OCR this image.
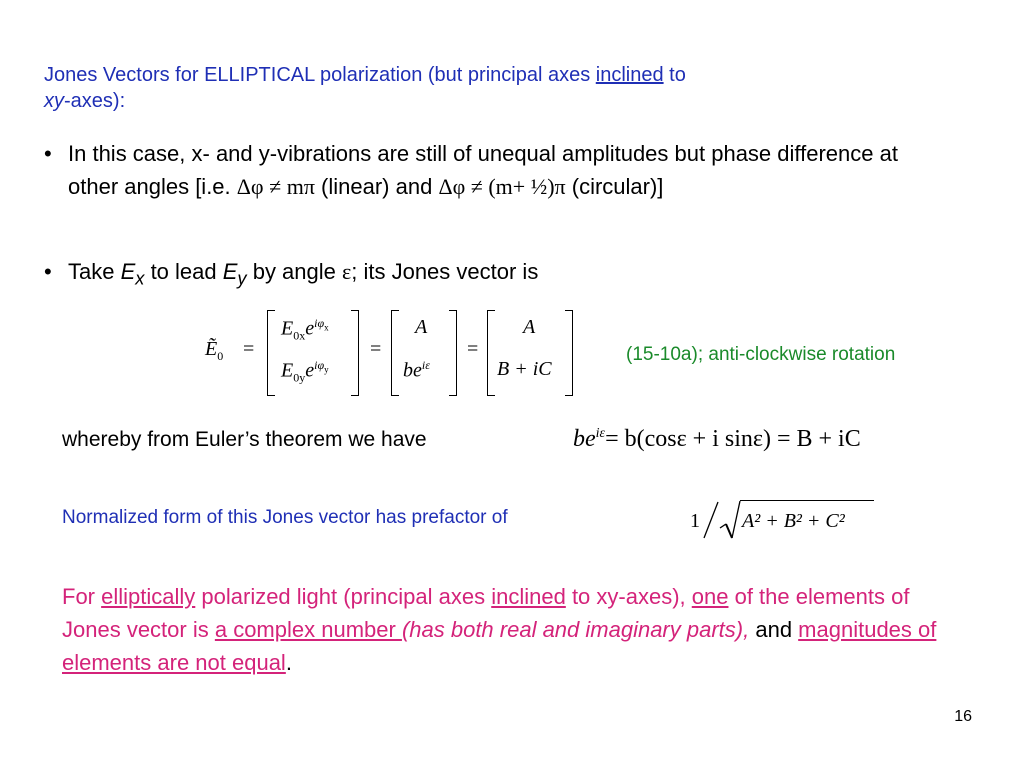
Jones Vectors for ELLIPTICAL polarization (but principal axes inclined to
xy-axes):
• In this case, x- and y-vibrations are still of unequal amplitudes but phase difference at other angles [i.e. Δφ ≠ mπ (linear) and Δφ ≠ (m+ ½)π (circular)]
• Take $E_x$ to lead $E_y$ by angle ε; its Jones vector is
Ẽ$_0$ =
$E_{0x}e^{i\varphi_x}$
$E_{0y}e^{i\varphi_y}$
=
A
$be^{i\varepsilon}$
=
A
B + iC
(15-10a); anti-clockwise rotation
whereby from Euler’s theorem we have	$be^{i\varepsilon}= b(\cos\varepsilon + i$ sinε) = B + iC
Normalized form of this Jones vector has prefactor of	1 A² + B² + C²
For elliptically polarized light (principal axes inclined to xy-axes), one of the elements of Jones vector is a complex number (has both real and imaginary parts), and magnitudes of elements are not equal.
16
